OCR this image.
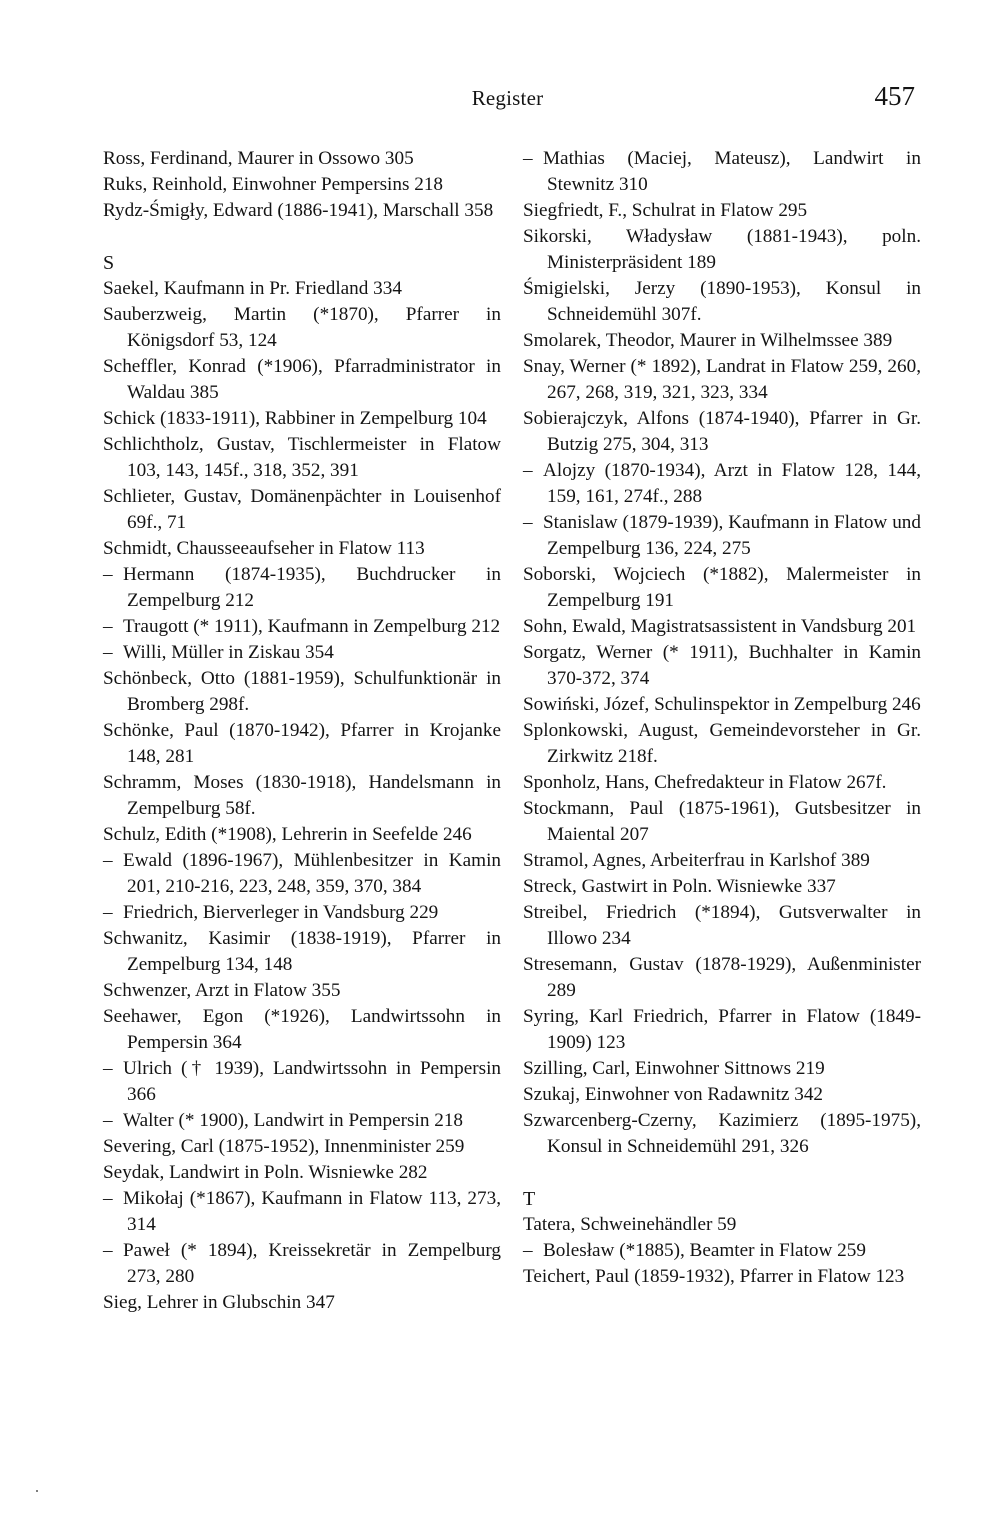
Register	457
Ross, Ferdinand, Maurer in Ossowo 305
Ruks, Reinhold, Einwohner Pempersins 218
Rydz-Śmigły, Edward (1886-1941), Marschall 358
S
Saekel, Kaufmann in Pr. Friedland 334
Sauberzweig, Martin (*1870), Pfarrer in Königsdorf 53, 124
Scheffler, Konrad (*1906), Pfarradministrator in Waldau 385
Schick (1833-1911), Rabbiner in Zempelburg 104
Schlichtholz, Gustav, Tischlermeister in Flatow 103, 143, 145f., 318, 352, 391
Schlieter, Gustav, Domänenpächter in Louisenhof 69f., 71
Schmidt, Chausseeaufseher in Flatow 113
– Hermann (1874-1935), Buchdrucker in Zempelburg 212
– Traugott (* 1911), Kaufmann in Zempelburg 212
– Willi, Müller in Ziskau 354
Schönbeck, Otto (1881-1959), Schulfunktionär in Bromberg 298f.
Schönke, Paul (1870-1942), Pfarrer in Krojanke 148, 281
Schramm, Moses (1830-1918), Handelsmann in Zempelburg 58f.
Schulz, Edith (*1908), Lehrerin in Seefelde 246
– Ewald (1896-1967), Mühlenbesitzer in Kamin 201, 210-216, 223, 248, 359, 370, 384
– Friedrich, Bierverleger in Vandsburg 229
Schwanitz, Kasimir (1838-1919), Pfarrer in Zempelburg 134, 148
Schwenzer, Arzt in Flatow 355
Seehawer, Egon (*1926), Landwirtssohn in Pempersin 364
– Ulrich († 1939), Landwirtssohn in Pempersin 366
– Walter (* 1900), Landwirt in Pempersin 218
Severing, Carl (1875-1952), Innenminister 259
Seydak, Landwirt in Poln. Wisniewke 282
– Mikołaj (*1867), Kaufmann in Flatow 113, 273, 314
– Paweł (* 1894), Kreissekretär in Zempelburg 273, 280
Sieg, Lehrer in Glubschin 347
– Mathias (Maciej, Mateusz), Landwirt in Stewnitz 310
Siegfriedt, F., Schulrat in Flatow 295
Sikorski, Władysław (1881-1943), poln. Ministerpräsident 189
Śmigielski, Jerzy (1890-1953), Konsul in Schneidemühl 307f.
Smolarek, Theodor, Maurer in Wilhelmssee 389
Snay, Werner (* 1892), Landrat in Flatow 259, 260, 267, 268, 319, 321, 323, 334
Sobierajczyk, Alfons (1874-1940), Pfarrer in Gr. Butzig 275, 304, 313
– Alojzy (1870-1934), Arzt in Flatow 128, 144, 159, 161, 274f., 288
– Stanislaw (1879-1939), Kaufmann in Flatow und Zempelburg 136, 224, 275
Soborski, Wojciech (*1882), Malermeister in Zempelburg 191
Sohn, Ewald, Magistratsassistent in Vandsburg 201
Sorgatz, Werner (* 1911), Buchhalter in Kamin 370-372, 374
Sowiński, Józef, Schulinspektor in Zempelburg 246
Splonkowski, August, Gemeindevorsteher in Gr. Zirkwitz 218f.
Sponholz, Hans, Chefredakteur in Flatow 267f.
Stockmann, Paul (1875-1961), Gutsbesitzer in Maiental 207
Stramol, Agnes, Arbeiterfrau in Karlshof 389
Streck, Gastwirt in Poln. Wisniewke 337
Streibel, Friedrich (*1894), Gutsverwalter in Illowo 234
Stresemann, Gustav (1878-1929), Außenminister 289
Syring, Karl Friedrich, Pfarrer in Flatow (1849-1909) 123
Szilling, Carl, Einwohner Sittnows 219
Szukaj, Einwohner von Radawnitz 342
Szwarcenberg-Czerny, Kazimierz (1895-1975), Konsul in Schneidemühl 291, 326
T
Tatera, Schweinehändler 59
– Bolesław (*1885), Beamter in Flatow 259
Teichert, Paul (1859-1932), Pfarrer in Flatow 123
